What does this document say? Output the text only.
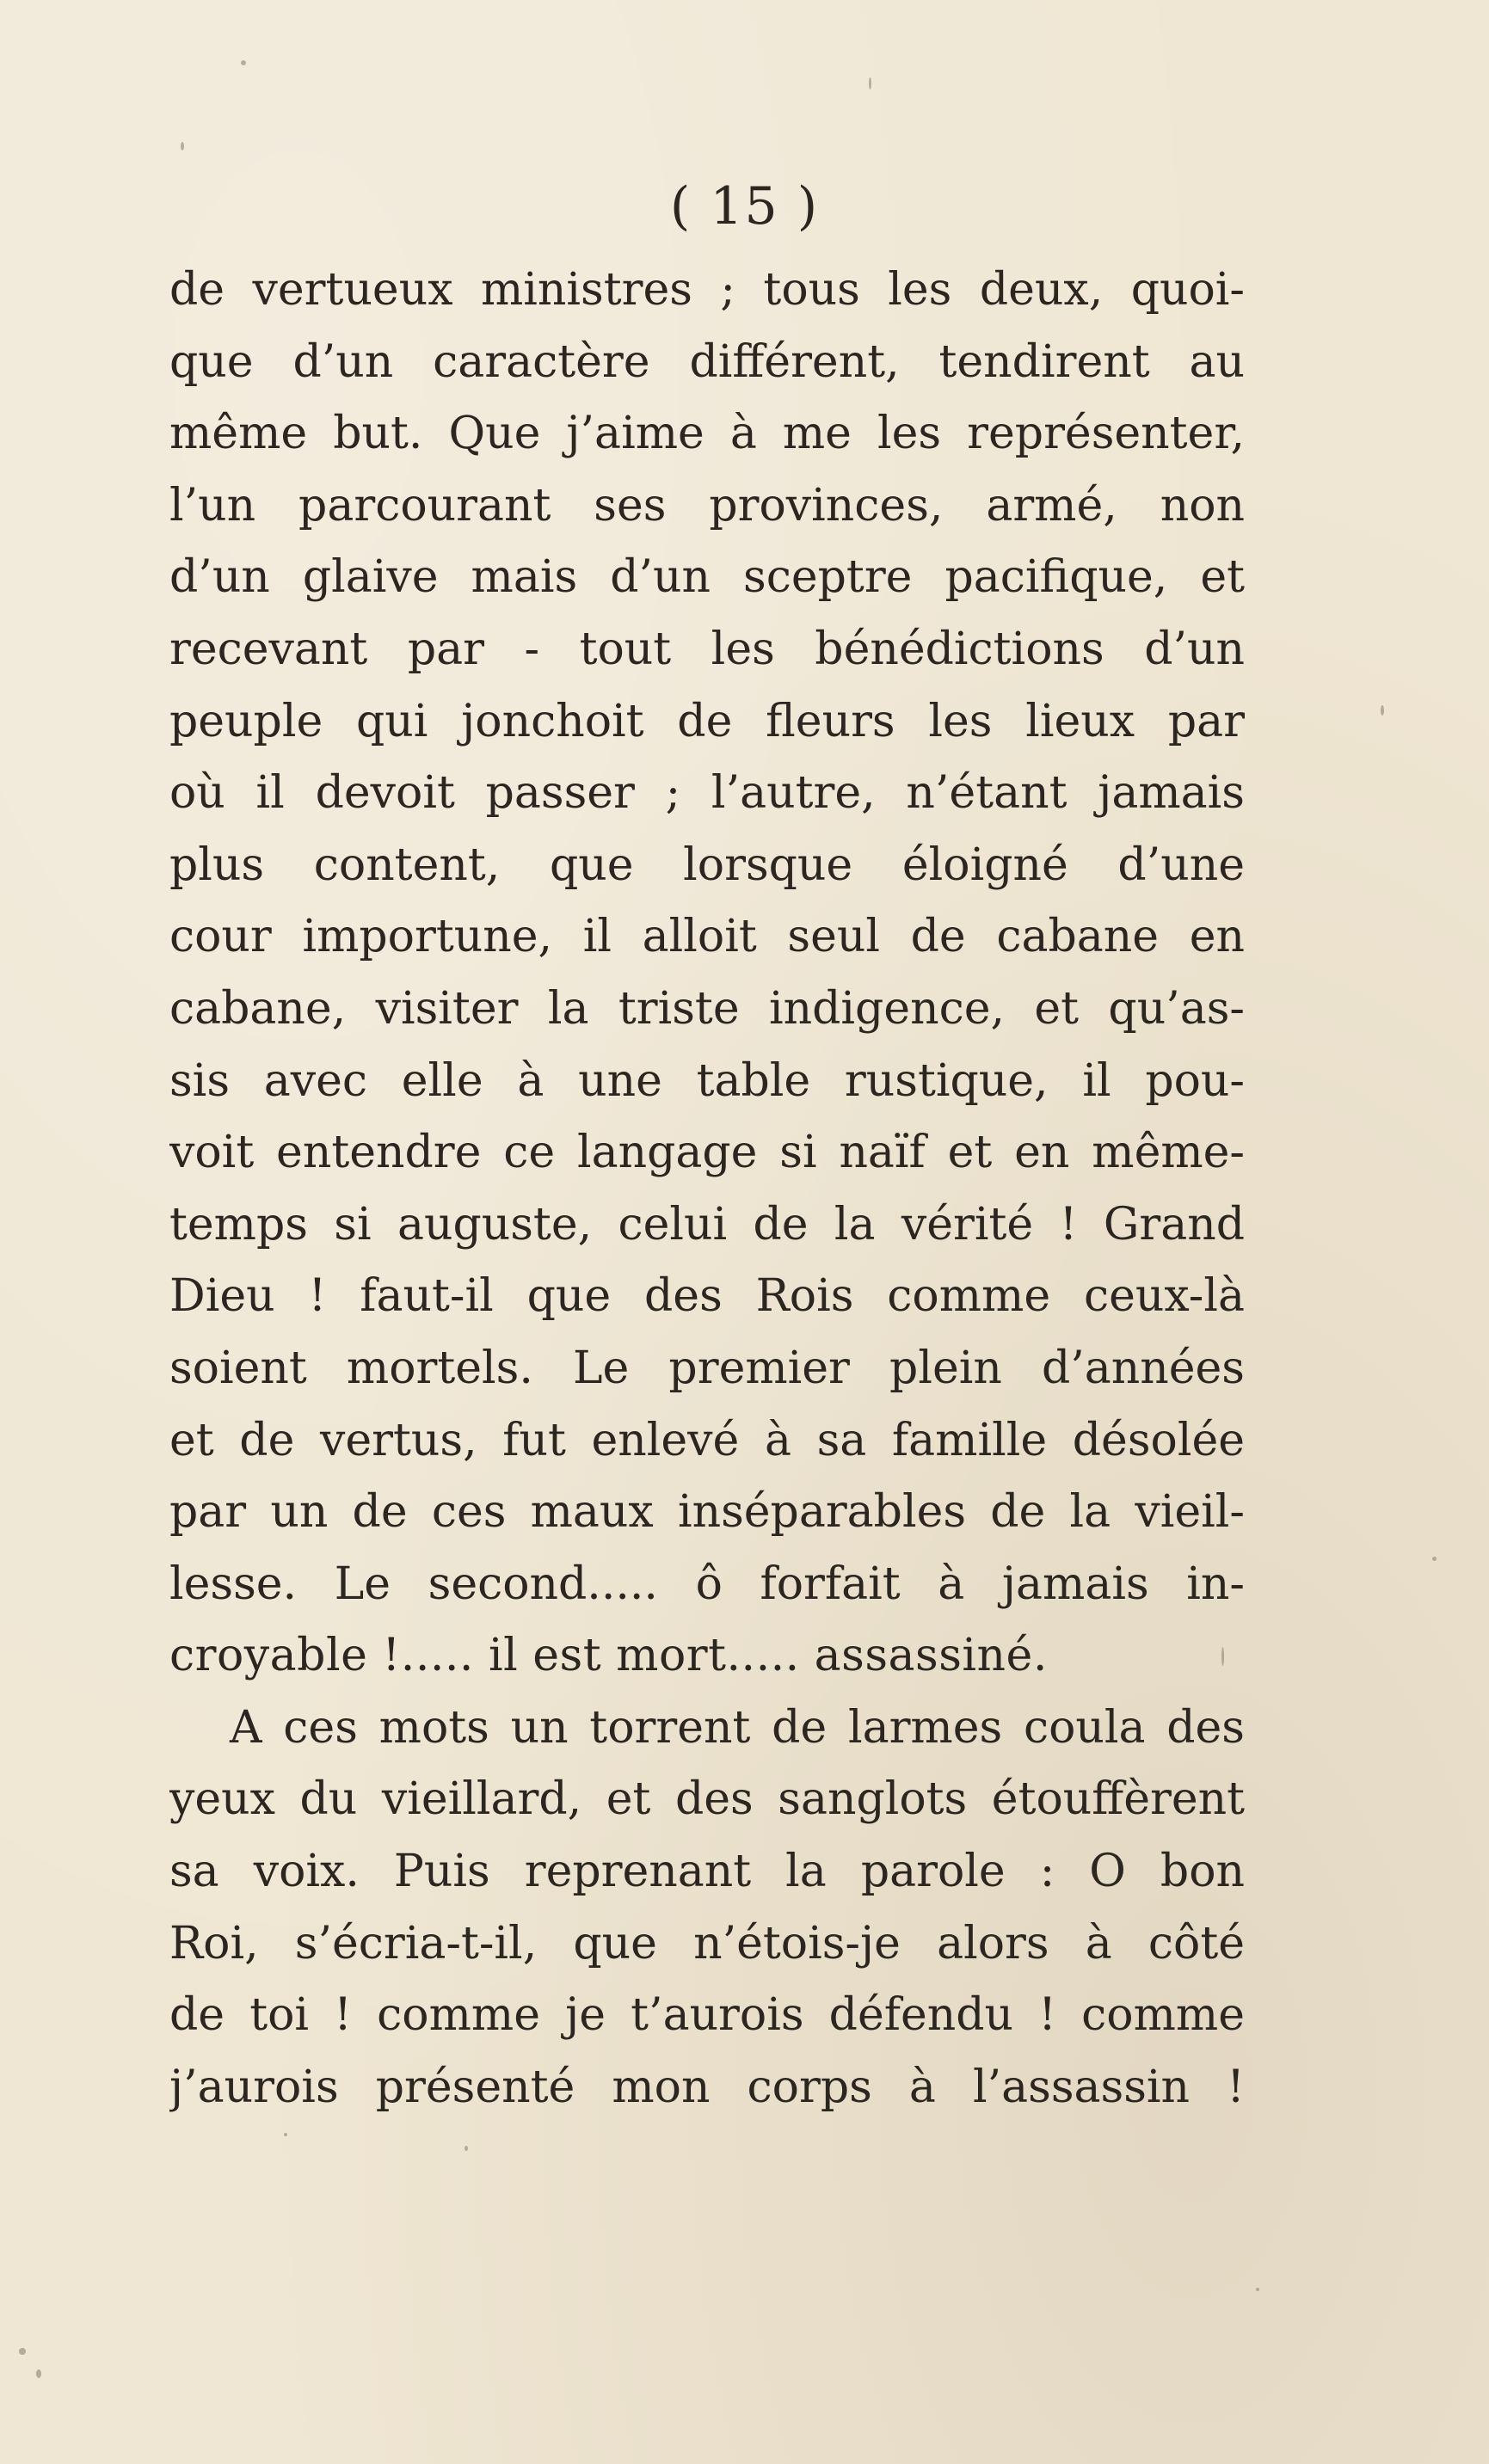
( 15 )
de vertueux ministres ; tous les deux, quoi-
que d’un caractère différent, tendirent au
même but. Que j’aime à me les représenter,
l’un parcourant ses provinces, armé, non
d’un glaive mais d’un sceptre pacifique, et
recevant par - tout les bénédictions d’un
peuple qui jonchoit de fleurs les lieux par
où il devoit passer ; l’autre, n’étant jamais
plus content, que lorsque éloigné d’une
cour importune, il alloit seul de cabane en
cabane, visiter la triste indigence, et qu’as-
sis avec elle à une table rustique, il pou-
voit entendre ce langage si naïf et en même-
temps si auguste, celui de la vérité ! Grand
Dieu ! faut-il que des Rois comme ceux-là
soient mortels. Le premier plein d’années
et de vertus, fut enlevé à sa famille désolée
par un de ces maux inséparables de la vieil-
lesse. Le second..... ô forfait à jamais in-
croyable !..... il est mort..... assassiné.
A ces mots un torrent de larmes coula des
yeux du vieillard, et des sanglots étouffèrent
sa voix. Puis reprenant la parole : O bon
Roi, s’écria-t-il, que n’étois-je alors à côté
de toi ! comme je t’aurois défendu ! comme
j’aurois présenté mon corps à l’assassin !
